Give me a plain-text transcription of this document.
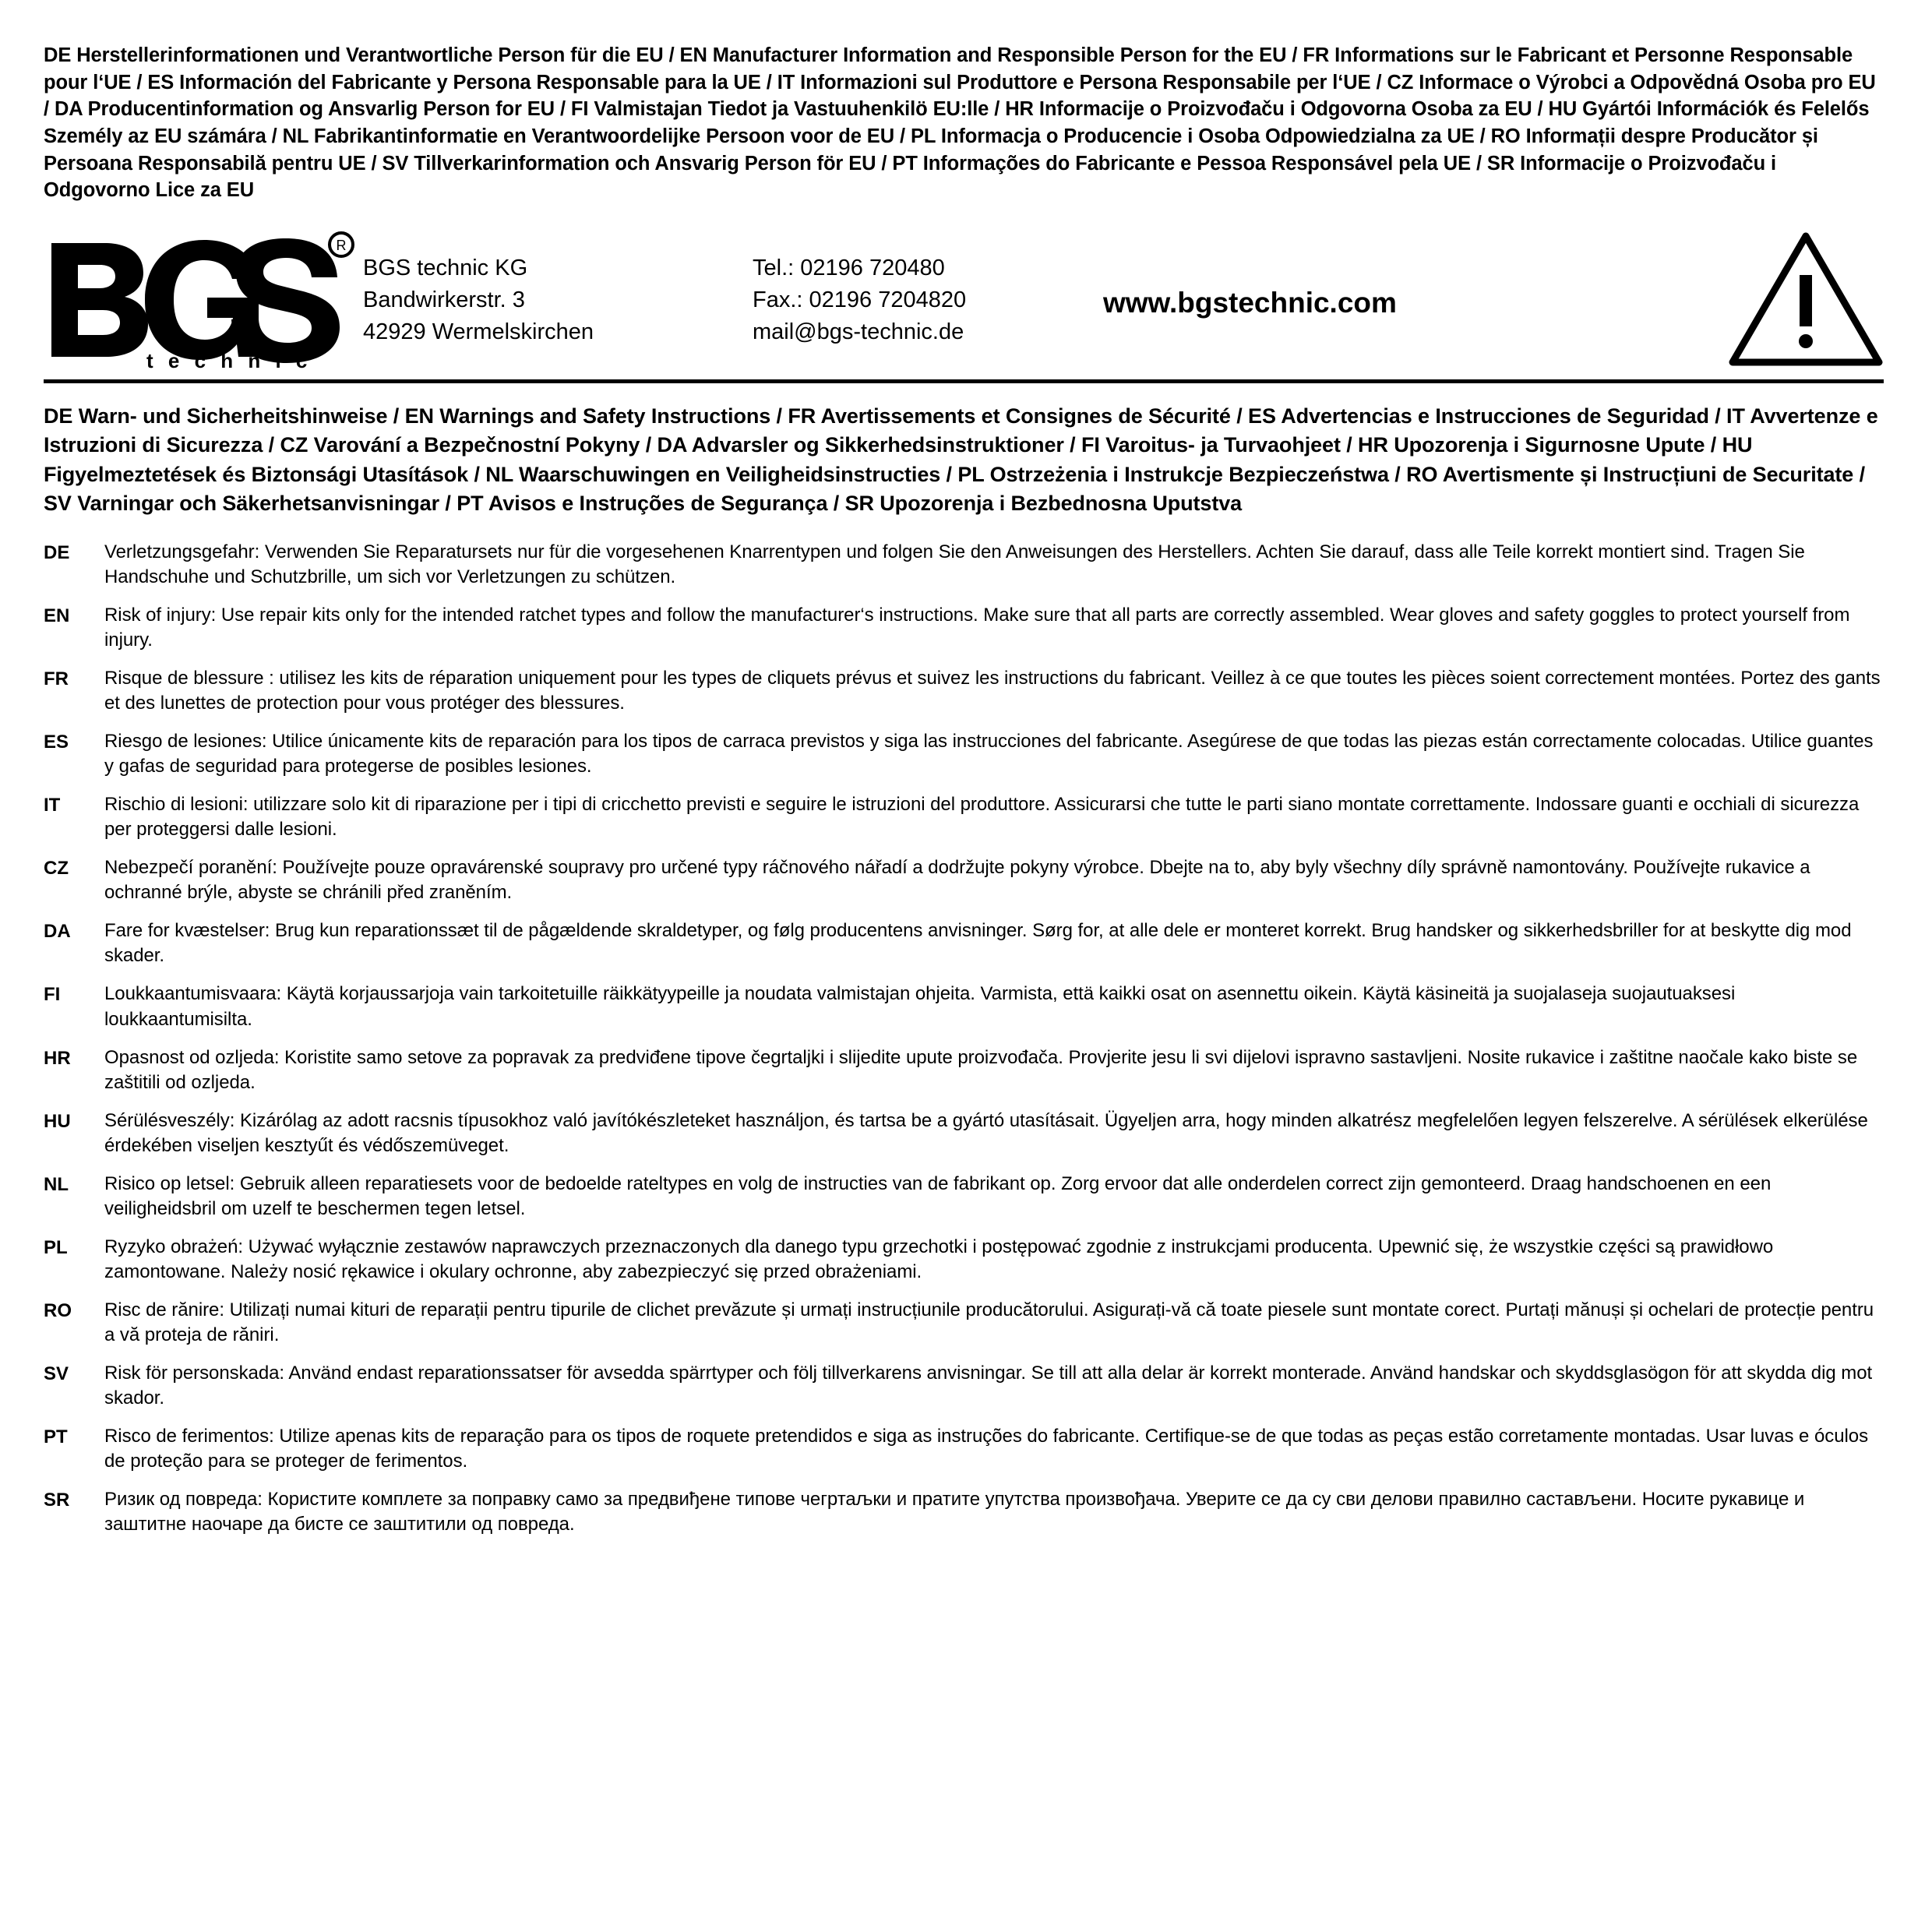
DE Herstellerinformationen und Verantwortliche Person für die EU / EN Manufacturer Information and Responsible Person for the EU / FR Informations sur le Fabricant et Personne Responsable pour l‘UE / ES Información del Fabricante y Persona Responsable para la UE / IT Informazioni sul Produttore e Persona Responsabile per l‘UE / CZ Informace o Výrobci a Odpovědná Osoba pro EU / DA Producentinformation og Ansvarlig Person for EU / FI Valmistajan Tiedot ja Vastuuhenkilö EU:lle / HR Informacije o Proizvođaču i Odgovorna Osoba za EU / HU Gyártói Információk és Felelős Személy az EU számára / NL Fabrikantinformatie en Verantwoordelijke Persoon voor de EU / PL Informacja o Producencie i Osoba Odpowiedzialna za UE / RO Informații despre Producător și Persoana Responsabilă pentru UE / SV Tillverkarinformation och Ansvarig Person för EU / PT Informações do Fabricante e Pessoa Responsável pela UE / SR Informacije o Proizvođaču i Odgovorno Lice za EU
R
t e c h n i c
BGS technic KG
Bandwirkerstr. 3
42929 Wermelskirchen
Tel.: 02196 720480
Fax.: 02196 7204820
mail@bgs-technic.de
www.bgstechnic.com
DE Warn- und Sicherheitshinweise / EN Warnings and Safety Instructions / FR Avertissements et Consignes de Sécurité / ES Advertencias e Instrucciones de Seguridad / IT Avvertenze e Istruzioni di Sicurezza / CZ Varování a Bezpečnostní Pokyny / DA Advarsler og Sikkerhedsinstruktioner / FI Varoitus- ja Turvaohjeet / HR Upozorenja i Sigurnosne Upute / HU Figyelmeztetések és Biztonsági Utasítások / NL Waarschuwingen en Veiligheidsinstructies / PL Ostrzeżenia i Instrukcje Bezpieczeństwa / RO Avertismente și Instrucțiuni de Securitate / SV Varningar och Säkerhetsanvisningar / PT Avisos e Instruções de Segurança / SR Upozorenja i Bezbednosna Uputstva
DE	Verletzungsgefahr: Verwenden Sie Reparatursets nur für die vorgesehenen Knarrentypen und folgen Sie den Anweisungen des Herstellers. Achten Sie darauf, dass alle Teile korrekt montiert sind. Tragen Sie Handschuhe und Schutzbrille, um sich vor Verletzungen zu schützen.
EN	Risk of injury: Use repair kits only for the intended ratchet types and follow the manufacturer‘s instructions. Make sure that all parts are correctly assembled. Wear gloves and safety goggles to protect yourself from injury.
FR	Risque de blessure : utilisez les kits de réparation uniquement pour les types de cliquets prévus et suivez les instructions du fabricant. Veillez à ce que toutes les pièces soient correctement montées. Portez des gants et des lunettes de protection pour vous protéger des blessures.
ES	Riesgo de lesiones: Utilice únicamente kits de reparación para los tipos de carraca previstos y siga las instrucciones del fabricante. Asegúrese de que todas las piezas están correctamente colocadas. Utilice guantes y gafas de seguridad para protegerse de posibles lesiones.
IT	Rischio di lesioni: utilizzare solo kit di riparazione per i tipi di cricchetto previsti e seguire le istruzioni del produttore. Assicurarsi che tutte le parti siano montate correttamente. Indossare guanti e occhiali di sicurezza per proteggersi dalle lesioni.
CZ	Nebezpečí poranění: Používejte pouze opravárenské soupravy pro určené typy ráčnového nářadí a dodržujte pokyny výrobce. Dbejte na to, aby byly všechny díly správně namontovány. Používejte rukavice a ochranné brýle, abyste se chránili před zraněním.
DA	Fare for kvæstelser: Brug kun reparationssæt til de pågældende skraldetyper, og følg producentens anvisninger. Sørg for, at alle dele er monteret korrekt. Brug handsker og sikkerhedsbriller for at beskytte dig mod skader.
FI	Loukkaantumisvaara: Käytä korjaussarjoja vain tarkoitetuille räikkätyypeille ja noudata valmistajan ohjeita. Varmista, että kaikki osat on asennettu oikein. Käytä käsineitä ja suojalaseja suojautuaksesi loukkaantumisilta.
HR	Opasnost od ozljeda: Koristite samo setove za popravak za predviđene tipove čegrtaljki i slijedite upute proizvođača. Provjerite jesu li svi dijelovi ispravno sastavljeni. Nosite rukavice i zaštitne naočale kako biste se zaštitili od ozljeda.
HU	Sérülésveszély: Kizárólag az adott racsnis típusokhoz való javítókészleteket használjon, és tartsa be a gyártó utasításait. Ügyeljen arra, hogy minden alkatrész megfelelően legyen felszerelve. A sérülések elkerülése érdekében viseljen kesztyűt és védőszemüveget.
NL	Risico op letsel: Gebruik alleen reparatiesets voor de bedoelde rateltypes en volg de instructies van de fabrikant op. Zorg ervoor dat alle onderdelen correct zijn gemonteerd. Draag handschoenen en een veiligheidsbril om uzelf te beschermen tegen letsel.
PL	Ryzyko obrażeń: Używać wyłącznie zestawów naprawczych przeznaczonych dla danego typu grzechotki i postępować zgodnie z instrukcjami producenta. Upewnić się, że wszystkie części są prawidłowo zamontowane. Należy nosić rękawice i okulary ochronne, aby zabezpieczyć się przed obrażeniami.
RO	Risc de rănire: Utilizați numai kituri de reparații pentru tipurile de clichet prevăzute și urmați instrucțiunile producătorului. Asigurați-vă că toate piesele sunt montate corect. Purtați mănuși și ochelari de protecție pentru a vă proteja de răniri.
SV	Risk för personskada: Använd endast reparationssatser för avsedda spärrtyper och följ tillverkarens anvisningar. Se till att alla delar är korrekt monterade. Använd handskar och skyddsglasögon för att skydda dig mot skador.
PT	Risco de ferimentos: Utilize apenas kits de reparação para os tipos de roquete pretendidos e siga as instruções do fabricante. Certifique-se de que todas as peças estão corretamente montadas. Usar luvas e óculos de proteção para se proteger de ferimentos.
SR	Ризик од повреда: Користите комплете за поправку само за предвиђене типове чегртаљки и пратите упутства произвођача. Уверите се да су сви делови правилно састављени. Носите рукавице и заштитне наочаре да бисте се заштитили од повреда.
